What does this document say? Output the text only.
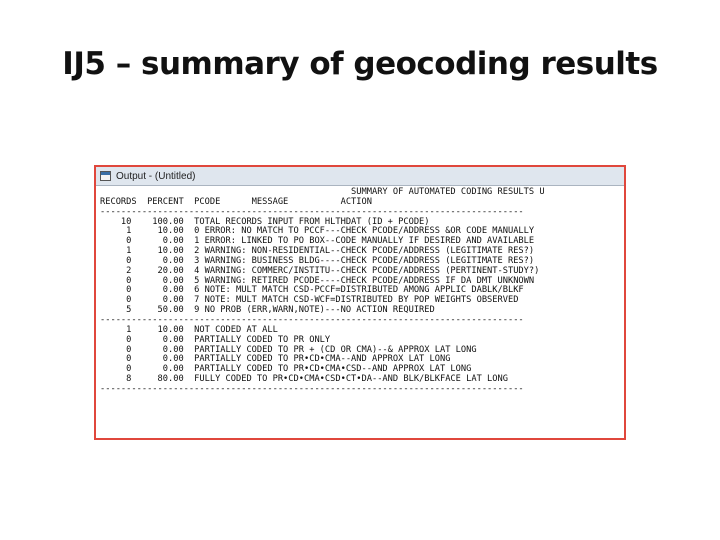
IJ5 – summary of geocoding results
Output - (Untitled)
SUMMARY OF AUTOMATED CODING RESULTS U
RECORDS  PERCENT  PCODE      MESSAGE          ACTION
---------------------------------------------------------------------------------
10    100.00  TOTAL RECORDS INPUT FROM HLTHDAT (ID + PCODE)
1     10.00  0 ERROR: NO MATCH TO PCCF---CHECK PCODE/ADDRESS &OR CODE MANUALLY
0      0.00  1 ERROR: LINKED TO PO BOX--CODE MANUALLY IF DESIRED AND AVAILABLE
1     10.00  2 WARNING: NON-RESIDENTIAL--CHECK PCODE/ADDRESS (LEGITIMATE RES?)
0      0.00  3 WARNING: BUSINESS BLDG----CHECK PCODE/ADDRESS (LEGITIMATE RES?)
2     20.00  4 WARNING: COMMERC/INSTITU--CHECK PCODE/ADDRESS (PERTINENT-STUDY?)
0      0.00  5 WARNING: RETIRED PCODE----CHECK PCODE/ADDRESS IF DA DMT UNKNOWN
0      0.00  6 NOTE: MULT MATCH CSD-PCCF=DISTRIBUTED AMONG APPLIC DABLK/BLKF
0      0.00  7 NOTE: MULT MATCH CSD-WCF=DISTRIBUTED BY POP WEIGHTS OBSERVED
5     50.00  9 NO PROB (ERR,WARN,NOTE)---NO ACTION REQUIRED
---------------------------------------------------------------------------------
1     10.00  NOT CODED AT ALL
0      0.00  PARTIALLY CODED TO PR ONLY
0      0.00  PARTIALLY CODED TO PR + (CD OR CMA)--& APPROX LAT LONG
0      0.00  PARTIALLY CODED TO PR•CD•CMA--AND APPROX LAT LONG
0      0.00  PARTIALLY CODED TO PR•CD•CMA•CSD--AND APPROX LAT LONG
8     80.00  FULLY CODED TO PR•CD•CMA•CSD•CT•DA--AND BLK/BLKFACE LAT LONG
---------------------------------------------------------------------------------
